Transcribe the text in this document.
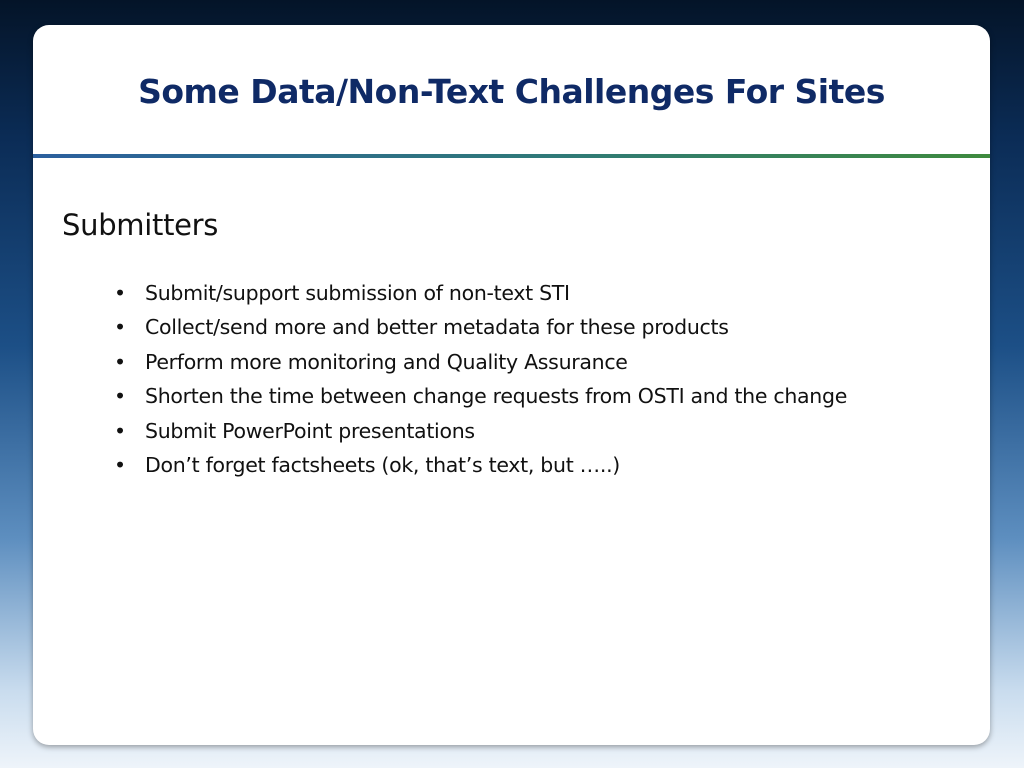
Some Data/Non-Text Challenges For Sites

Submitters

• Submit/support submission of non-text STI
• Collect/send more and better metadata for these products
• Perform more monitoring and Quality Assurance
• Shorten the time between change requests from OSTI and the change
• Submit PowerPoint presentations
• Don’t forget factsheets (ok, that’s text, but …..)
